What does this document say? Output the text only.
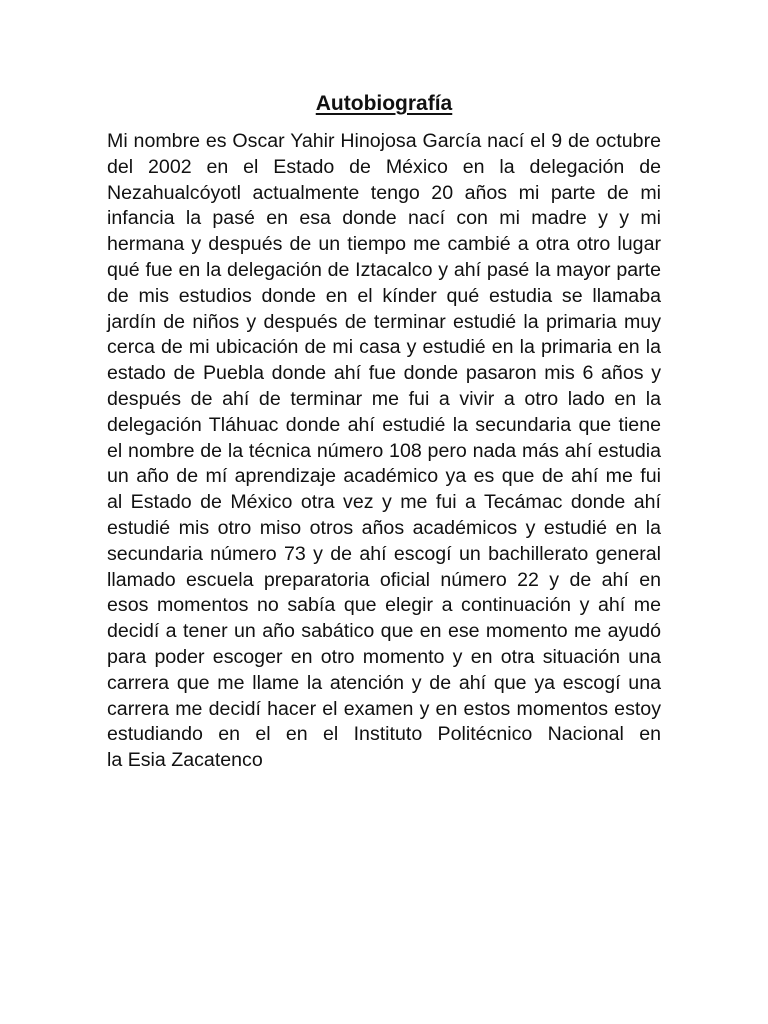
Autobiografía
Mi nombre es Oscar Yahir Hinojosa García nací el 9 de octubre
del 2002 en el Estado de México en la delegación de
Nezahualcóyotl actualmente tengo 20 años mi parte de mi
infancia la pasé en esa donde nací con mi madre y y mi
hermana y después de un tiempo me cambié a otra otro lugar
qué fue en la delegación de Iztacalco y ahí pasé la mayor parte
de mis estudios donde en el kínder qué estudia se llamaba
jardín de niños y después de terminar estudié la primaria muy
cerca de mi ubicación de mi casa y estudié en la primaria en la
estado de Puebla donde ahí fue donde pasaron mis 6 años y
después de ahí de terminar me fui a vivir a otro lado en la
delegación Tláhuac donde ahí estudié la secundaria que tiene
el nombre de la técnica número 108 pero nada más ahí estudia
un año de mí aprendizaje académico ya es que de ahí me fui
al Estado de México otra vez y me fui a Tecámac donde ahí
estudié mis otro miso otros años académicos y estudié en la
secundaria número 73 y de ahí escogí un bachillerato general
llamado escuela preparatoria oficial número 22 y de ahí en
esos momentos no sabía que elegir a continuación y ahí me
decidí a tener un año sabático que en ese momento me ayudó
para poder escoger en otro momento y en otra situación una
carrera que me llame la atención y de ahí que ya escogí una
carrera me decidí hacer el examen y en estos momentos estoy
estudiando en el en el Instituto Politécnico Nacional en
la Esia Zacatenco
